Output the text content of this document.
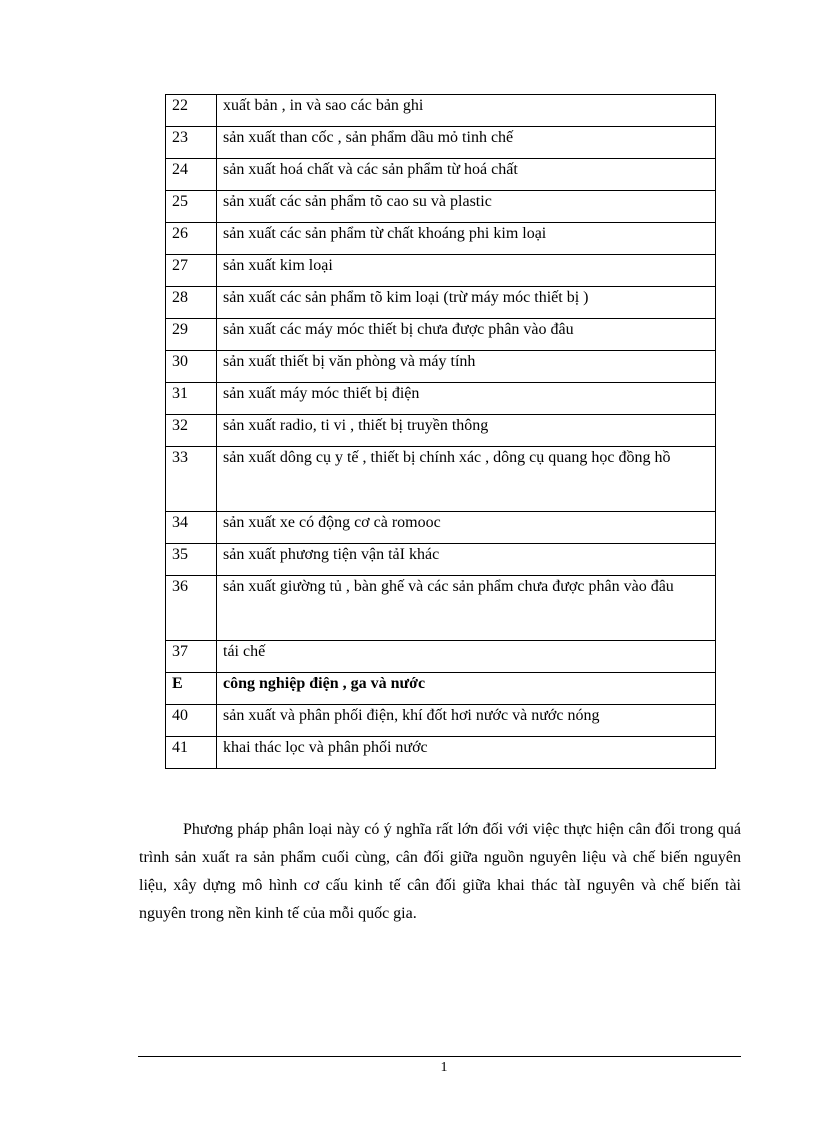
22	xuất bản , in và sao các bản ghi
23	sản xuất than cốc , sản phẩm dầu mỏ tinh chế
24	sản xuất hoá chất và các sản phẩm từ hoá chất
25	sản xuất các sản phẩm tõ cao su và plastic
26	sản xuất các sản phẩm từ chất khoáng phi kim loại
27	sản xuất kim loại
28	sản xuất các sản phẩm tõ kim loại (trừ máy móc thiết bị )
29	sản xuất các máy móc thiết bị chưa được phân vào đâu
30	sản xuất thiết bị văn phòng và máy tính
31	sản xuất máy móc thiết bị điện
32	sản xuất radio, ti vi , thiết bị truyền thông
33	sản xuất dông cụ y tế , thiết bị chính xác , dông cụ quang học đồng hồ

34	sản xuất xe có động cơ cà romooc
35	sản xuất phương tiện vận tảI khác
36	sản xuất giường tủ , bàn ghế và các sản phẩm chưa được phân vào đâu

37	tái chế
E	công nghiệp điện , ga và nước
40	sản xuất và phân phối điện, khí đốt hơi nước và nước nóng
41	khai thác lọc và phân phối nước

Phương pháp phân loại này có ý nghĩa rất lớn đối với việc thực hiện cân đối trong quá trình sản xuất ra sản phẩm cuối cùng, cân đối giữa nguồn nguyên liệu và chế biến nguyên liệu, xây dựng mô hình cơ cấu kinh tế cân đối giữa khai thác tàI nguyên và chế biến tài nguyên trong nền kinh tế của mỗi quốc gia.

1
